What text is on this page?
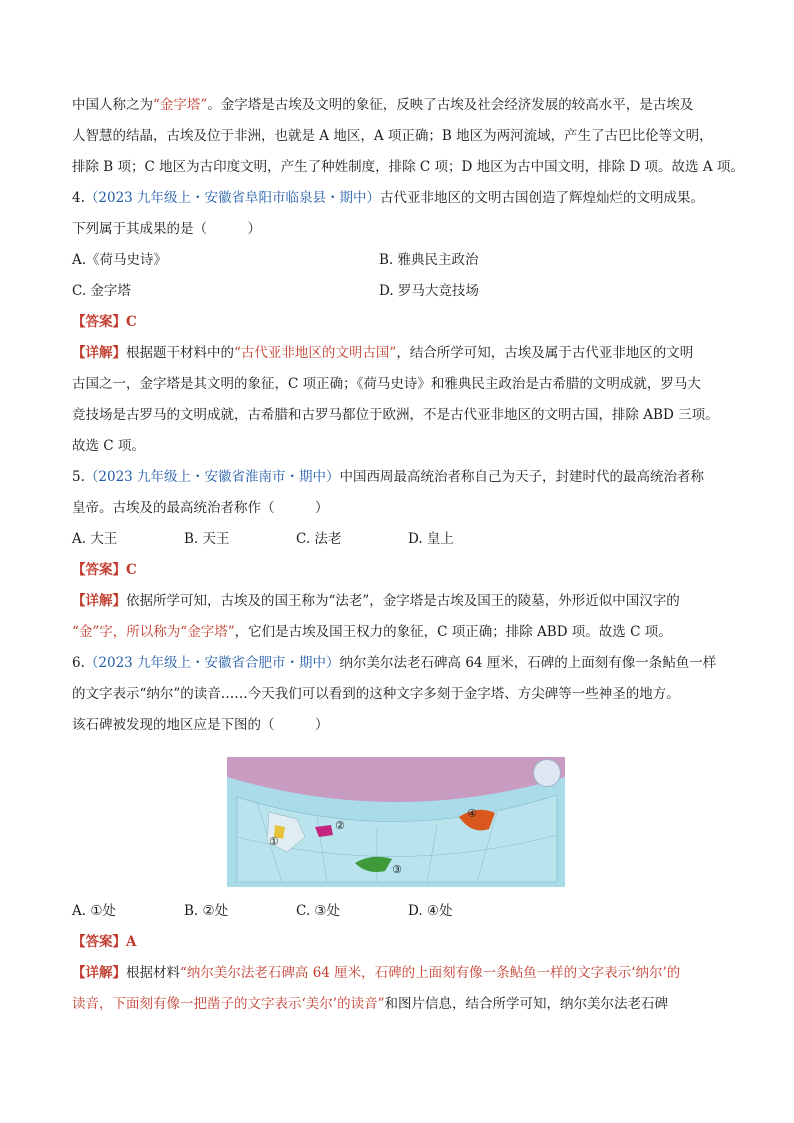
中国人称之为“金字塔”。金字塔是古埃及文明的象征，反映了古埃及社会经济发展的较高水平，是古埃及
人智慧的结晶，古埃及位于非洲，也就是 A 地区，A 项正确；B 地区为两河流域，产生了古巴比伦等文明，
排除 B 项；C 地区为古印度文明，产生了种姓制度，排除 C 项；D 地区为古中国文明，排除 D 项。故选 A 项。
4.（2023 九年级上・安徽省阜阳市临泉县・期中）古代亚非地区的文明古国创造了辉煌灿烂的文明成果。
下列属于其成果的是（　　　）
A.《荷马史诗》	B. 雅典民主政治
C. 金字塔	D. 罗马大竞技场
【答案】C
【详解】根据题干材料中的“古代亚非地区的文明古国”，结合所学可知，古埃及属于古代亚非地区的文明
古国之一，金字塔是其文明的象征，C 项正确；《荷马史诗》和雅典民主政治是古希腊的文明成就，罗马大
竞技场是古罗马的文明成就，古希腊和古罗马都位于欧洲，不是古代亚非地区的文明古国，排除 ABD 三项。
故选 C 项。
5.（2023 九年级上・安徽省淮南市・期中）中国西周最高统治者称自己为天子，封建时代的最高统治者称
皇帝。古埃及的最高统治者称作（　　　）
A. 大王	B. 天王	C. 法老	D. 皇上
【答案】C
【详解】依据所学可知，古埃及的国王称为“法老”，金字塔是古埃及国王的陵墓，外形近似中国汉字的
“金”字，所以称为“金字塔”，它们是古埃及国王权力的象征，C 项正确；排除 ABD 项。故选 C 项。
6.（2023 九年级上・安徽省合肥市・期中）纳尔美尔法老石碑高 64 厘米，石碑的上面刻有像一条鲇鱼一样
的文字表示“纳尔”的读音……今天我们可以看到的这种文字多刻于金字塔、方尖碑等一些神圣的地方。
该石碑被发现的地区应是下图的（　　　）
①
②
③
④
A. ①处	B. ②处	C. ③处	D. ④处
【答案】A
【详解】根据材料“纳尔美尔法老石碑高 64 厘米，石碑的上面刻有像一条鲇鱼一样的文字表示‘纳尔’的
读音，下面刻有像一把凿子的文字表示‘美尔’的读音”和图片信息，结合所学可知，纳尔美尔法老石碑
